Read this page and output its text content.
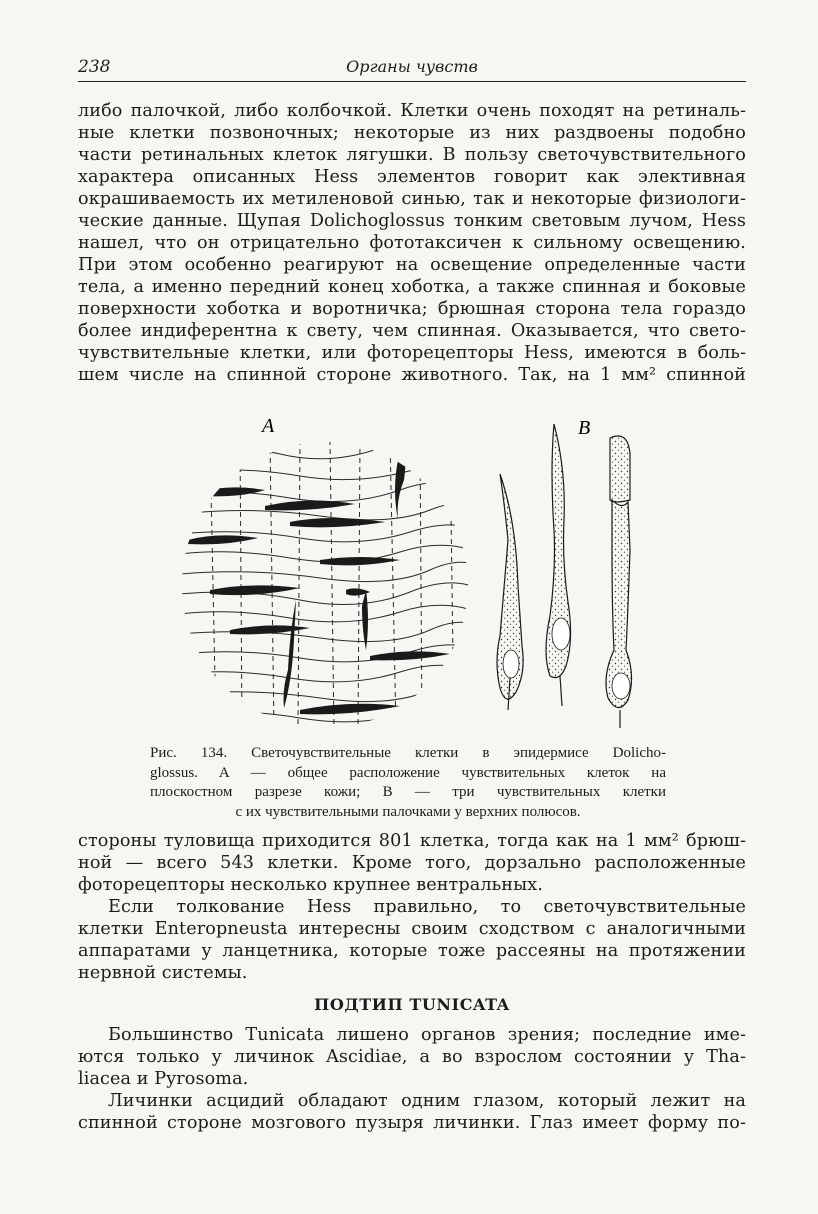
238	Органы чувств
либо палочкой, либо колбочкой. Клетки очень походят на ретиналь-
ные клетки позвоночных; некоторые из них раздвоены подобно
части ретинальных клеток лягушки. В пользу светочувствительного
характера описанных Hess элементов говорит как элективная
окрашиваемость их метиленовой синью, так и некоторые физиологи-
ческие данные. Щупая Dolichoglossus тонким световым лучом, Hess
нашел, что он отрицательно фототаксичен к сильному освещению.
При этом особенно реагируют на освещение определенные части
тела, а именно передний конец хоботка, а также спинная и боковые
поверхности хоботка и воротничка; брюшная сторона тела гораздо
более индиферентна к свету, чем спинная. Оказывается, что свето-
чувствительные клетки, или фоторецепторы Hess, имеются в боль-
шем числе на спинной стороне животного. Так, на 1 мм² спинной
A	B
Рис. 134. Светочувствительные клетки в эпидермисе Dolicho-
glossus. A — общее расположение чувствительных клеток на
плоскостном разрезе кожи; B — три чувствительных клетки
с их чувствительными палочками у верхних полюсов.
стороны туловища приходится 801 клетка, тогда как на 1 мм² брюш-
ной — всего 543 клетки. Кроме того, дорзально расположенные
фоторецепторы несколько крупнее вентральных.
Если толкование Hess правильно, то светочувствительные
клетки Enteropneusta интересны своим сходством с аналогичными
аппаратами у ланцетника, которые тоже рассеяны на протяжении
нервной системы.
ПОДТИП TUNICATA
Большинство Tunicata лишено органов зрения; последние име-
ются только у личинок Ascidiae, а во взрослом состоянии у Tha-
liacea и Pyrosoma.
Личинки асцидий обладают одним глазом, который лежит на
спинной стороне мозгового пузыря личинки. Глаз имеет форму по-
